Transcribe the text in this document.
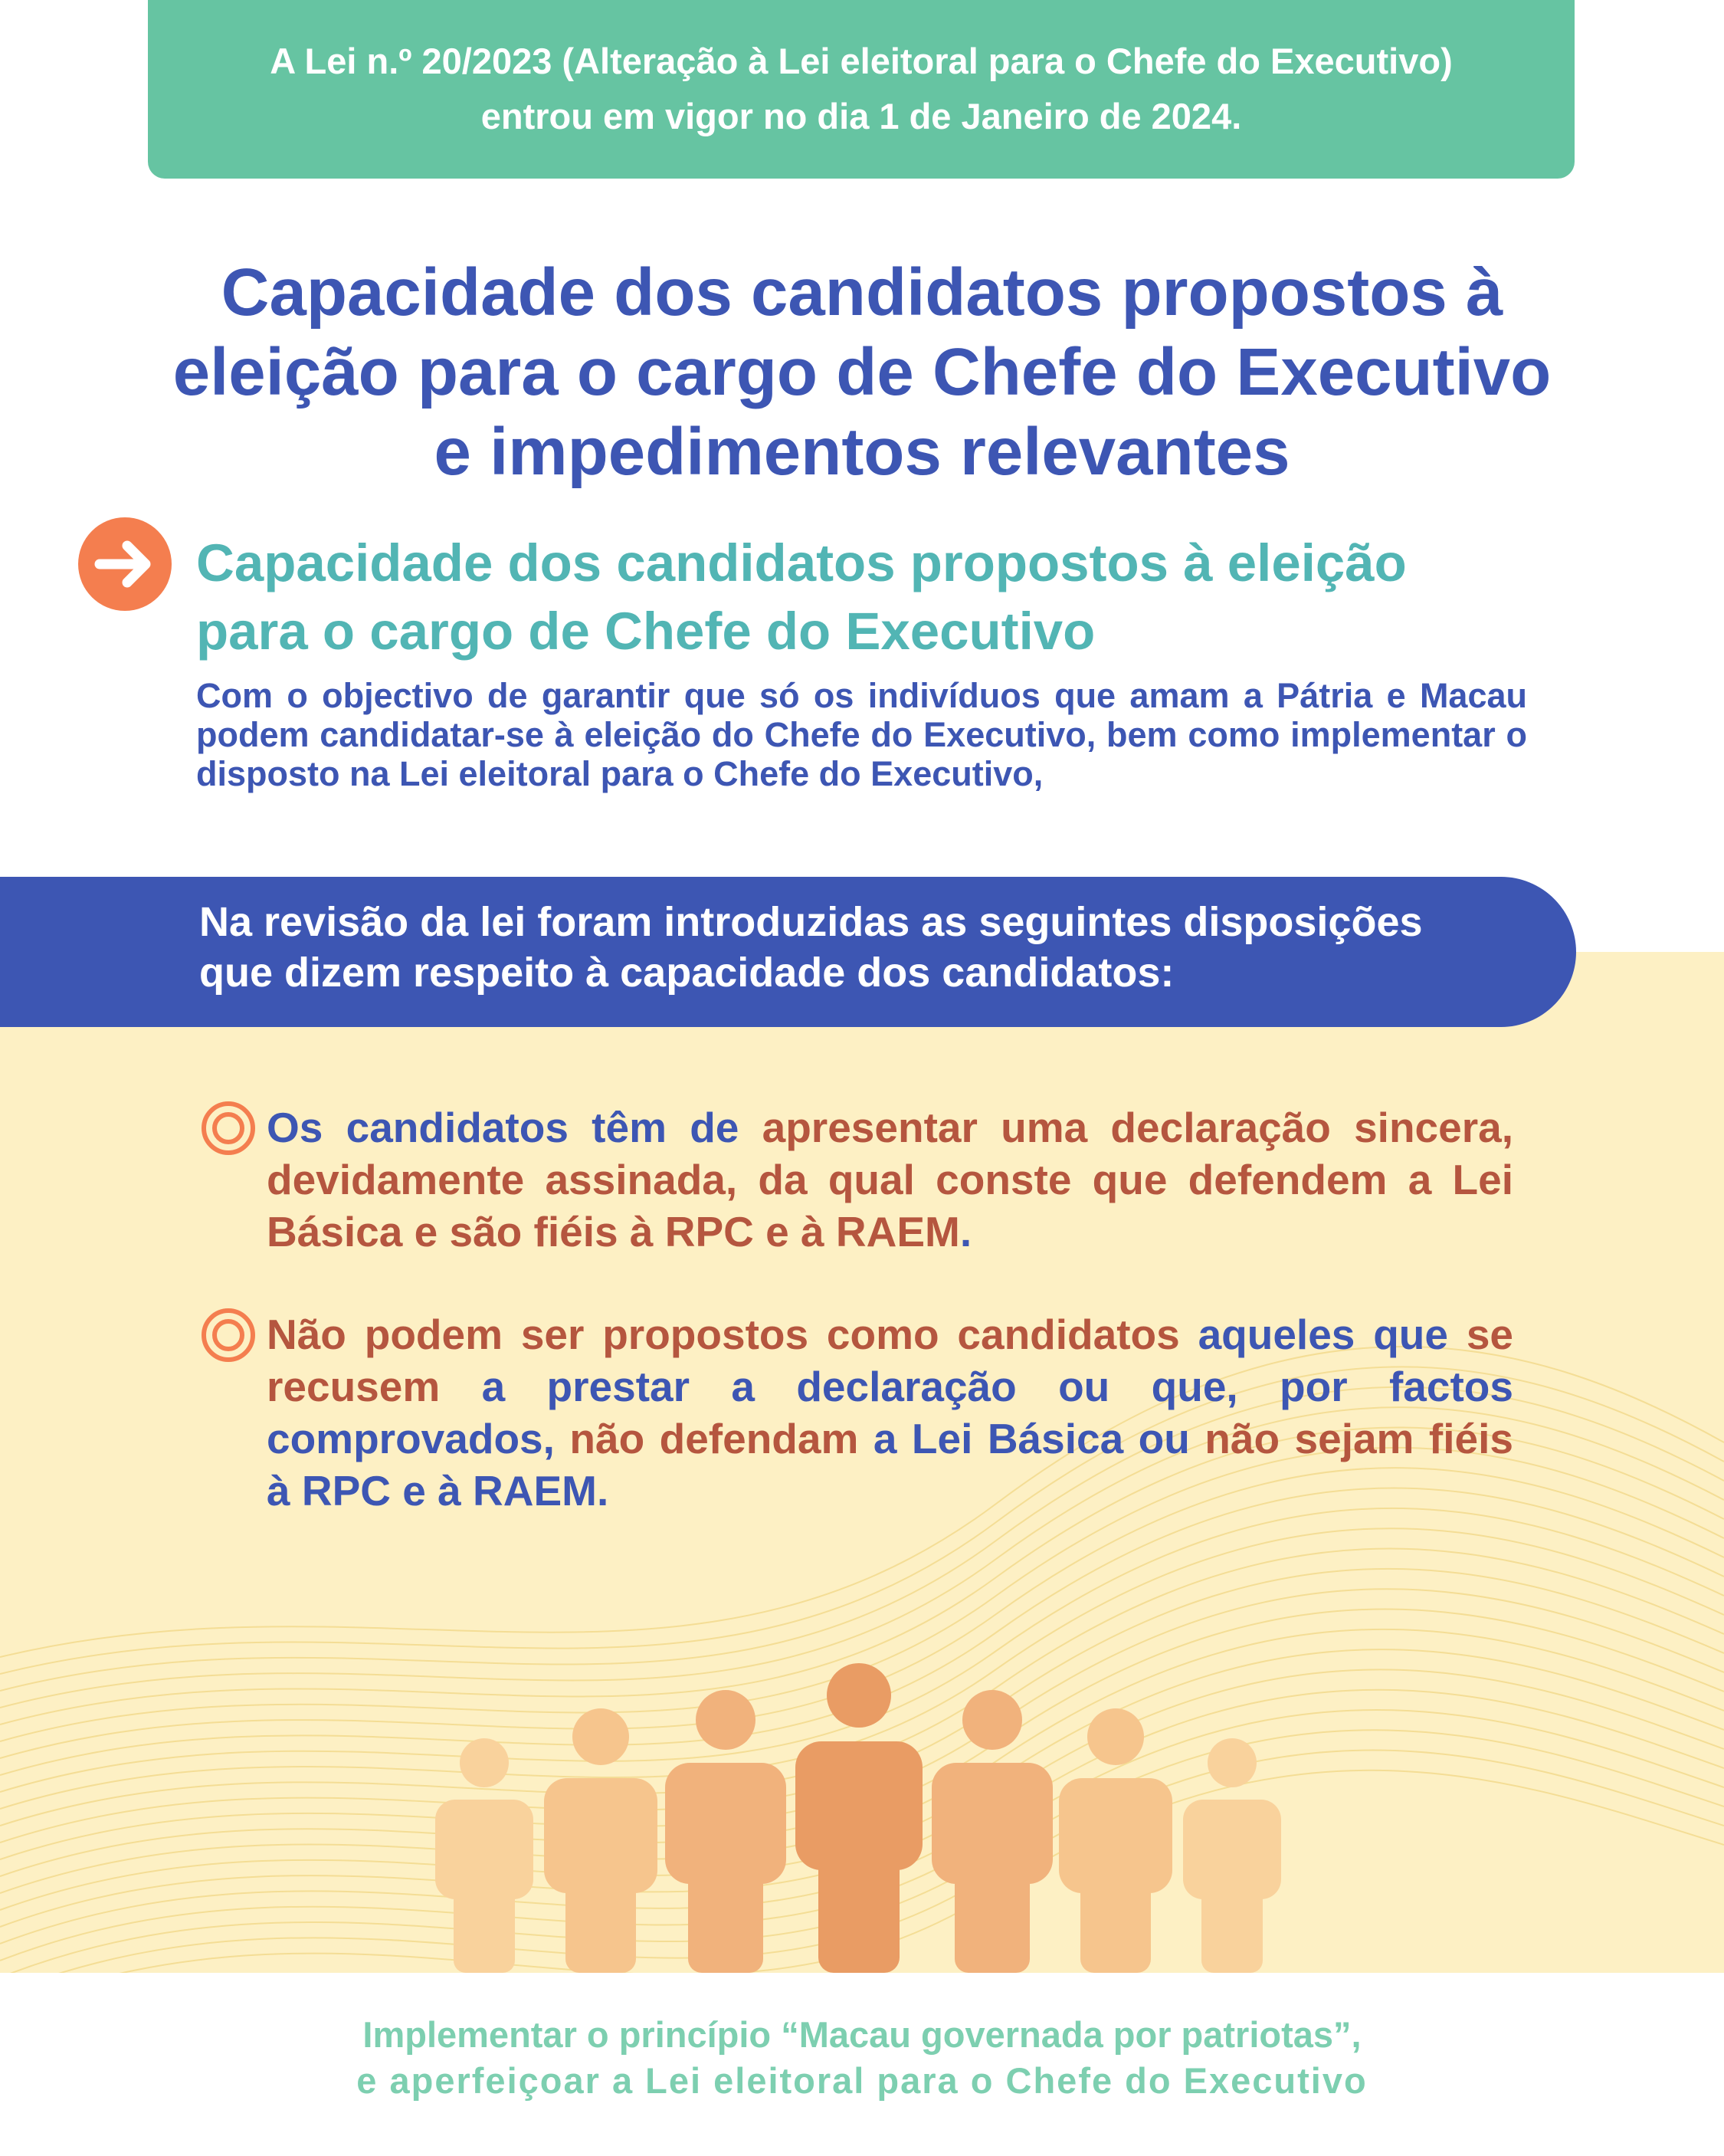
A Lei n.º 20/2023 (Alteração à Lei eleitoral para o Chefe do Executivo)
entrou em vigor no dia 1 de Janeiro de 2024.
Capacidade dos candidatos propostos à
eleição para o cargo de Chefe do Executivo
e impedimentos relevantes
Capacidade dos candidatos propostos à eleição
para o cargo de Chefe do Executivo

Com o objectivo de garantir que só os indivíduos que amam a Pátria e Macau podem candidatar-se à eleição do Chefe do Executivo, bem como implementar o disposto na Lei eleitoral para o Chefe do Executivo,

Na revisão da lei foram introduzidas as seguintes disposições
que dizem respeito à capacidade dos candidatos:

Os candidatos têm de apresentar uma declaração sincera, devidamente assinada, da qual conste que defendem a Lei Básica e são fiéis à RPC e à RAEM.

Não podem ser propostos como candidatos aqueles que se recusem a prestar a declaração ou que, por factos comprovados, não defendam a Lei Básica ou não sejam fiéis à RPC e à RAEM.

Implementar o princípio “Macau governada por patriotas”,
e aperfeiçoar a Lei eleitoral para o Chefe do Executivo
